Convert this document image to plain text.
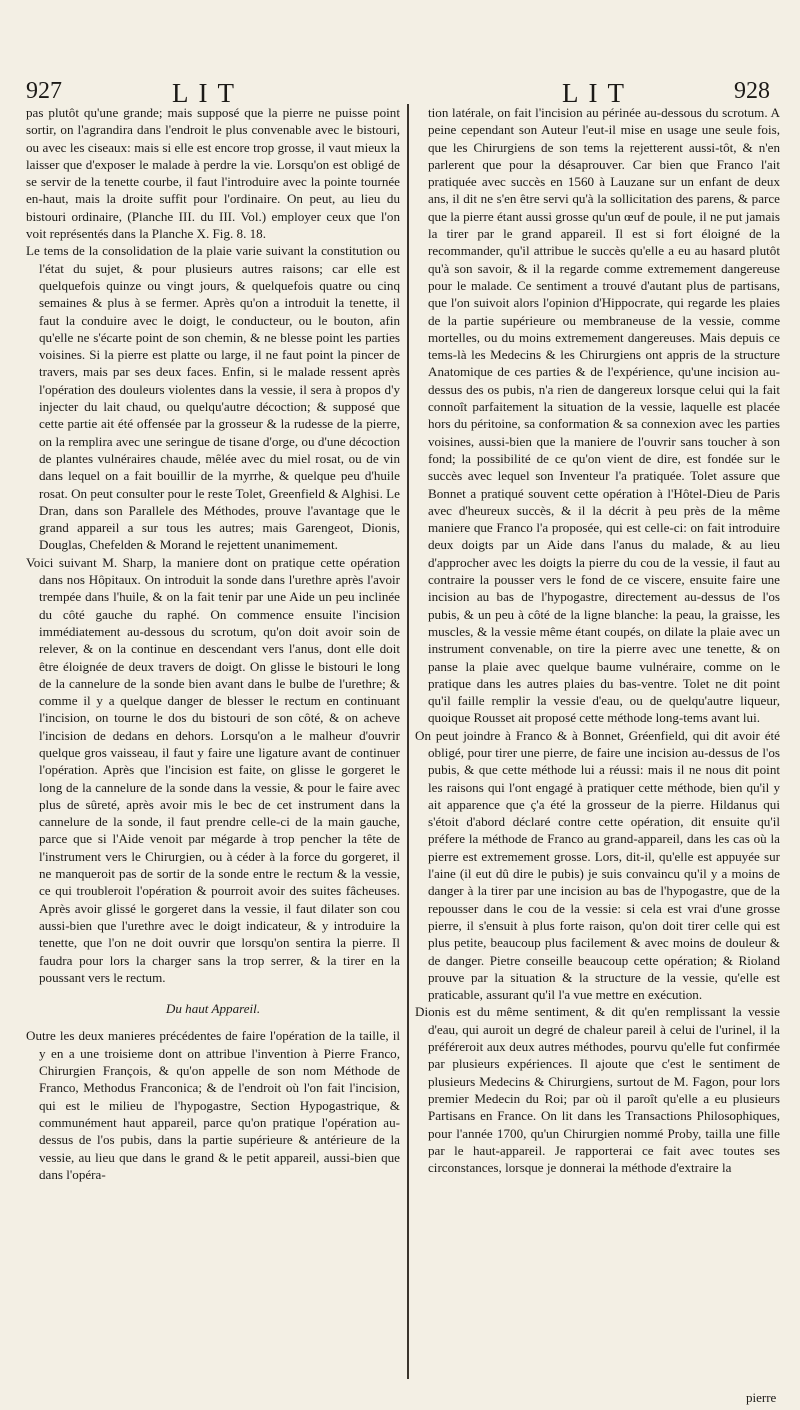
927	LIT	LIT	928

pas plutôt qu'une grande; mais supposé que la pierre ne puisse point sortir, on l'agrandira dans l'endroit le plus convenable avec le bistouri, ou avec les ciseaux: mais si elle est encore trop grosse, il vaut mieux la laisser que d'exposer le malade à perdre la vie. Lorsqu'on est obligé de se servir de la tenette courbe, il faut l'introduire avec la pointe tournée en-haut, mais la droite suffit pour l'ordinaire. On peut, au lieu du bistouri ordinaire, (Planche III. du III. Vol.) employer ceux que l'on voit représentés dans la Planche X. Fig. 8. 18.

Le tems de la consolidation de la plaie varie suivant la constitution ou l'état du sujet, & pour plusieurs autres raisons; car elle est quelquefois quinze ou vingt jours, & quelquefois quatre ou cinq semaines & plus à se fermer. Après qu'on a introduit la tenette, il faut la conduire avec le doigt, le conducteur, ou le bouton, afin qu'elle ne s'écarte point de son chemin, & ne blesse point les parties voisines. Si la pierre est platte ou large, il ne faut point la pincer de travers, mais par ses deux faces. Enfin, si le malade ressent après l'opération des douleurs violentes dans la vessie, il sera à propos d'y injecter du lait chaud, ou quelqu'autre décoction; & supposé que cette partie ait été offensée par la grosseur & la rudesse de la pierre, on la remplira avec une seringue de tisane d'orge, ou d'une décoction de plantes vulnéraires chaude, mêlée avec du miel rosat, ou de vin dans lequel on a fait bouillir de la myrrhe, & quelque peu d'huile rosat. On peut consulter pour le reste Tolet, Greenfield & Alghisi. Le Dran, dans son Parallele des Méthodes, prouve l'avantage que le grand appareil a sur tous les autres; mais Garengeot, Dionis, Douglas, Chefelden & Morand le rejettent unanimement.

Voici suivant M. Sharp, la maniere dont on pratique cette opération dans nos Hôpitaux. On introduit la sonde dans l'urethre après l'avoir trempée dans l'huile, & on la fait tenir par une Aide un peu inclinée du côté gauche du raphé. On commence ensuite l'incision immédiatement au-dessous du scrotum, qu'on doit avoir soin de relever, & on la continue en descendant vers l'anus, dont elle doit être éloignée de deux travers de doigt. On glisse le bistouri le long de la cannelure de la sonde bien avant dans le bulbe de l'urethre; & comme il y a quelque danger de blesser le rectum en continuant l'incision, on tourne le dos du bistouri de son côté, & on acheve l'incision de dedans en dehors. Lorsqu'on a le malheur d'ouvrir quelque gros vaisseau, il faut y faire une ligature avant de continuer l'opération. Après que l'incision est faite, on glisse le gorgeret le long de la cannelure de la sonde dans la vessie, & pour le faire avec plus de sûreté, après avoir mis le bec de cet instrument dans la cannelure de la sonde, il faut prendre celle-ci de la main gauche, parce que si l'Aide venoit par mégarde à trop pencher la tête de l'instrument vers le Chirurgien, ou à céder à la force du gorgeret, il ne manqueroit pas de sortir de la sonde entre le rectum & la vessie, ce qui troubleroit l'opération & pourroit avoir des suites fâcheuses. Après avoir glissé le gorgeret dans la vessie, il faut dilater son cou aussi-bien que l'urethre avec le doigt indicateur, & y introduire la tenette, que l'on ne doit ouvrir que lorsqu'on sentira la pierre. Il faudra pour lors la charger sans la trop serrer, & la tirer en la poussant vers le rectum.

Du haut Appareil.

Outre les deux manieres précédentes de faire l'opération de la taille, il y en a une troisieme dont on attribue l'invention à Pierre Franco, Chirurgien François, & qu'on appelle de son nom Méthode de Franco, Methodus Franconica; & de l'endroit où l'on fait l'incision, qui est le milieu de l'hypogastre, Section Hypogastrique, & communément haut appareil, parce qu'on pratique l'opération au-dessus de l'os pubis, dans la partie supérieure & antérieure de la vessie, au lieu que dans le grand & le petit appareil, aussi-bien que dans l'opéra-

tion latérale, on fait l'incision au périnée au-dessous du scrotum. A peine cependant son Auteur l'eut-il mise en usage une seule fois, que les Chirurgiens de son tems la rejetterent aussi-tôt, & n'en parlerent que pour la désaprouver. Car bien que Franco l'ait pratiquée avec succès en 1560 à Lauzane sur un enfant de deux ans, il dit ne s'en être servi qu'à la sollicitation des parens, & parce que la pierre étant aussi grosse qu'un œuf de poule, il ne put jamais la tirer par le grand appareil. Il est si fort éloigné de la recommander, qu'il attribue le succès qu'elle a eu au hasard plutôt qu'à son savoir, & il la regarde comme extremement dangereuse pour le malade. Ce sentiment a trouvé d'autant plus de partisans, que l'on suivoit alors l'opinion d'Hippocrate, qui regarde les plaies de la partie supérieure ou membraneuse de la vessie, comme mortelles, ou du moins extremement dangereuses. Mais depuis ce tems-là les Medecins & les Chirurgiens ont appris de la structure Anatomique de ces parties & de l'expérience, qu'une incision au-dessus des os pubis, n'a rien de dangereux lorsque celui qui la fait connoît parfaitement la situation de la vessie, laquelle est placée hors du péritoine, sa conformation & sa connexion avec les parties voisines, aussi-bien que la maniere de l'ouvrir sans toucher à son fond; la possibilité de ce qu'on vient de dire, est fondée sur le succès avec lequel son Inventeur l'a pratiquée. Tolet assure que Bonnet a pratiqué souvent cette opération à l'Hôtel-Dieu de Paris avec d'heureux succès, & il la décrit à peu près de la même maniere que Franco l'a proposée, qui est celle-ci: on fait introduire deux doigts par un Aide dans l'anus du malade, & au lieu d'approcher avec les doigts la pierre du cou de la vessie, il faut au contraire la pousser vers le fond de ce viscere, ensuite faire une incision au bas de l'hypogastre, directement au-dessus de l'os pubis, & un peu à côté de la ligne blanche: la peau, la graisse, les muscles, & la vessie même étant coupés, on dilate la plaie avec un instrument convenable, on tire la pierre avec une tenette, & on panse la plaie avec quelque baume vulnéraire, comme on le pratique dans les autres plaies du bas-ventre. Tolet ne dit point qu'il faille remplir la vessie d'eau, ou de quelqu'autre liqueur, quoique Rousset ait proposé cette méthode long-tems avant lui.

On peut joindre à Franco & à Bonnet, Gréenfield, qui dit avoir été obligé, pour tirer une pierre, de faire une incision au-dessus de l'os pubis, & que cette méthode lui a réussi: mais il ne nous dit point les raisons qui l'ont engagé à pratiquer cette méthode, bien qu'il y ait apparence que ç'a été la grosseur de la pierre. Hildanus qui s'étoit d'abord déclaré contre cette opération, dit ensuite qu'il préfere la méthode de Franco au grand-appareil, dans les cas où la pierre est extremement grosse. Lors, dit-il, qu'elle est appuyée sur l'aine (il eut dû dire le pubis) je suis convaincu qu'il y a moins de danger à la tirer par une incision au bas de l'hypogastre, que de la repousser dans le cou de la vessie: si cela est vrai d'une grosse pierre, il s'ensuit à plus forte raison, qu'on doit tirer celle qui est plus petite, beaucoup plus facilement & avec moins de douleur & de danger. Pietre conseille beaucoup cette opération; & Rioland prouve par la situation & la structure de la vessie, qu'elle est praticable, assurant qu'il l'a vue mettre en exécution.

Dionis est du même sentiment, & dit qu'en remplissant la vessie d'eau, qui auroit un degré de chaleur pareil à celui de l'urinel, il la préféreroit aux deux autres méthodes, pourvu qu'elle fut confirmée par plusieurs expériences. Il ajoute que c'est le sentiment de plusieurs Medecins & Chirurgiens, surtout de M. Fagon, pour lors premier Medecin du Roi; par où il paroît qu'elle a eu plusieurs Partisans en France. On lit dans les Transactions Philosophiques, pour l'année 1700, qu'un Chirurgien nommé Proby, tailla une fille par le haut-appareil. Je rapporterai ce fait avec toutes ses circonstances, lorsque je donnerai la méthode d'extraire la

pierre
